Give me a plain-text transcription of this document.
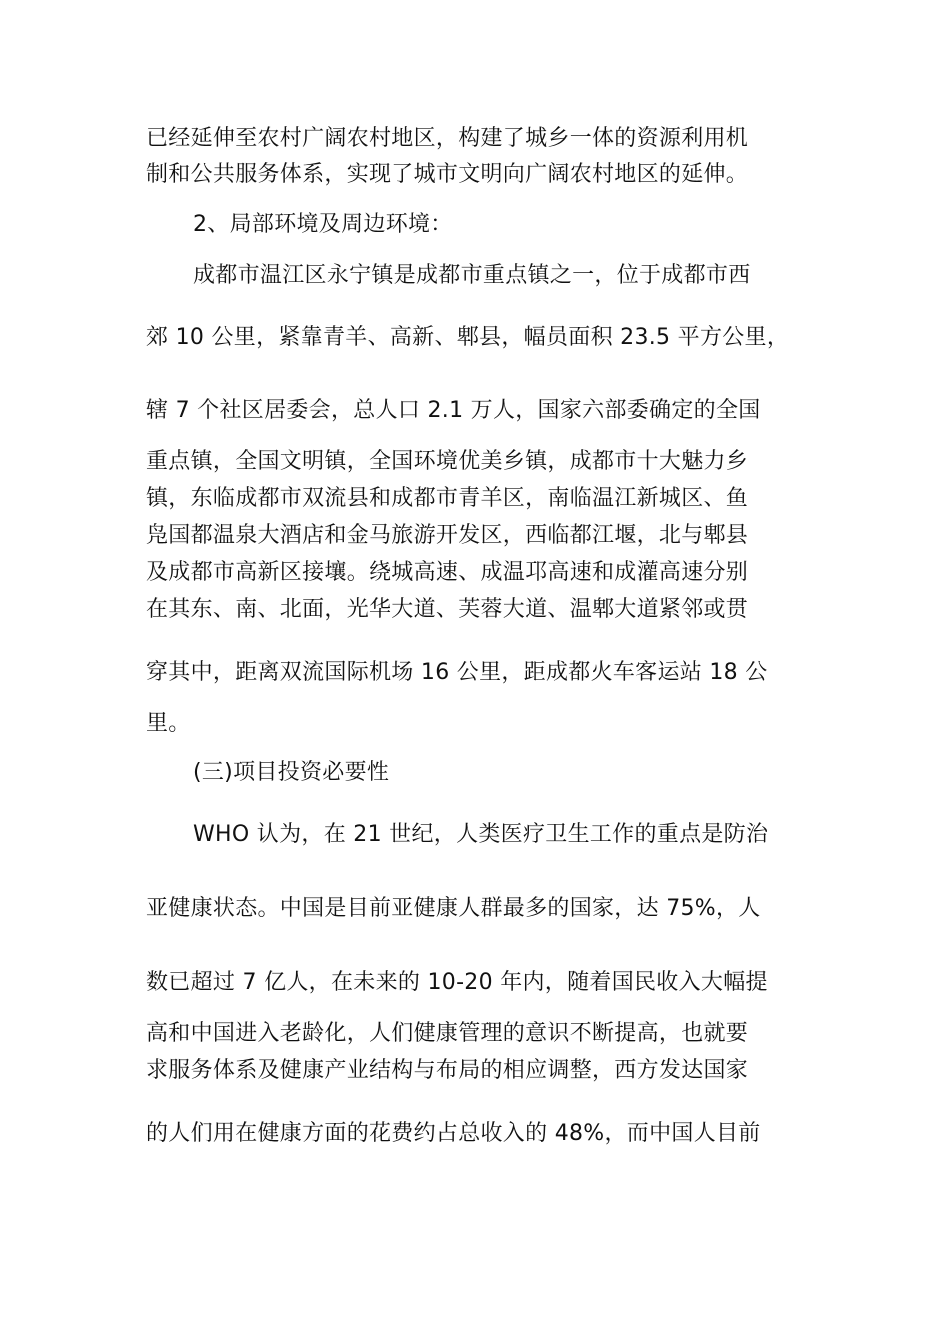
已经延伸至农村广阔农村地区，构建了城乡一体的资源利用机
制和公共服务体系，实现了城市文明向广阔农村地区的延伸。
2、局部环境及周边环境：
成都市温江区永宁镇是成都市重点镇之一，位于成都市西
郊 10 公里，紧靠青羊、高新、郫县，幅员面积 23.5 平方公里，
辖 7 个社区居委会，总人口 2.1 万人，国家六部委确定的全国
重点镇，全国文明镇，全国环境优美乡镇，成都市十大魅力乡
镇，东临成都市双流县和成都市青羊区，南临温江新城区、鱼
凫国都温泉大酒店和金马旅游开发区，西临都江堰，北与郫县
及成都市高新区接壤。绕城高速、成温邛高速和成灌高速分别
在其东、南、北面，光华大道、芙蓉大道、温郫大道紧邻或贯
穿其中，距离双流国际机场 16 公里，距成都火车客运站 18 公
里。
(三)项目投资必要性
WHO 认为，在 21 世纪，人类医疗卫生工作的重点是防治
亚健康状态。中国是目前亚健康人群最多的国家，达 75%，人
数已超过 7 亿人，在未来的 10-20 年内，随着国民收入大幅提
高和中国进入老龄化，人们健康管理的意识不断提高，也就要
求服务体系及健康产业结构与布局的相应调整，西方发达国家
的人们用在健康方面的花费约占总收入的 48%，而中国人目前
